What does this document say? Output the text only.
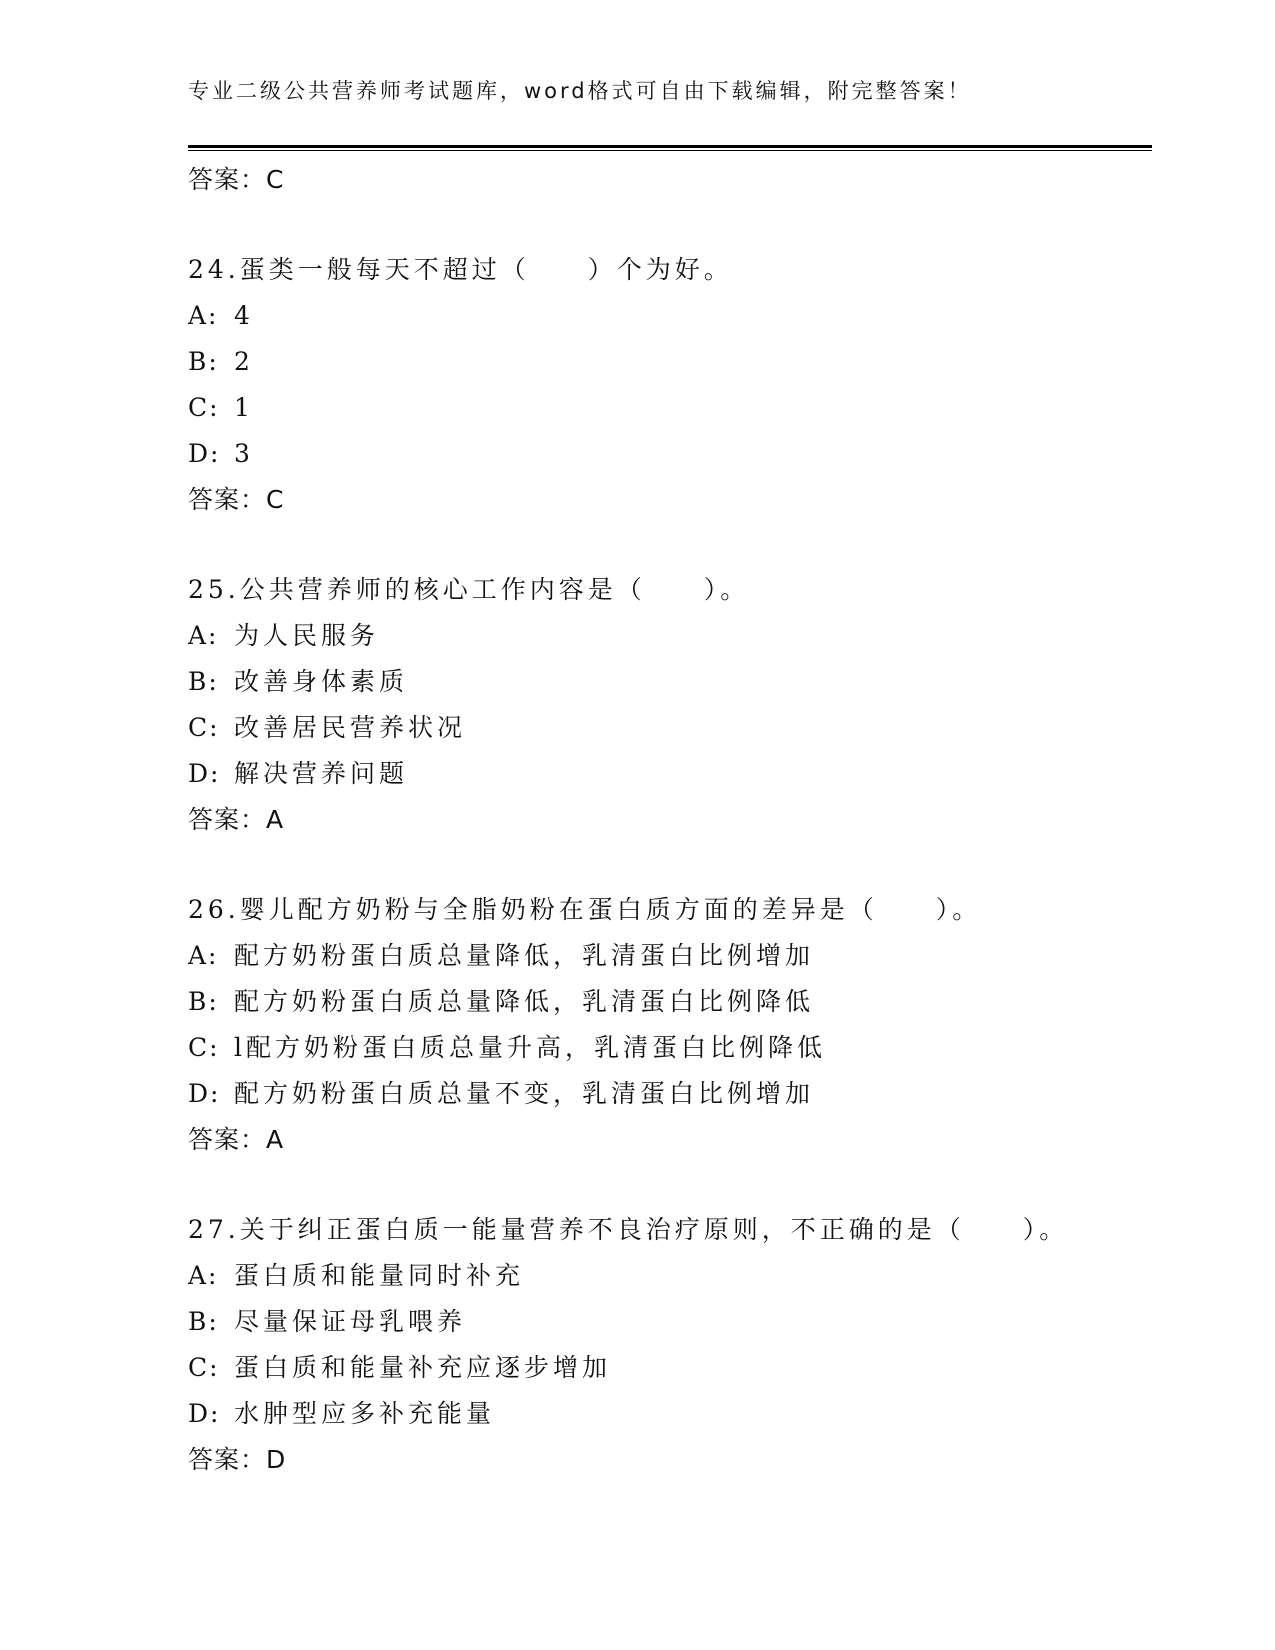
专业二级公共营养师考试题库，word格式可自由下载编辑，附完整答案！
答案：C
24.蛋类一般每天不超过（　　）个为好。
A: 4
B: 2
C: 1
D: 3
答案：C
25.公共营养师的核心工作内容是（　　）。
A: 为人民服务
B: 改善身体素质
C: 改善居民营养状况
D: 解决营养问题
答案：A
26.婴儿配方奶粉与全脂奶粉在蛋白质方面的差异是（　　）。
A: 配方奶粉蛋白质总量降低，乳清蛋白比例增加
B: 配方奶粉蛋白质总量降低，乳清蛋白比例降低
C: l配方奶粉蛋白质总量升高，乳清蛋白比例降低
D: 配方奶粉蛋白质总量不变，乳清蛋白比例增加
答案：A
27.关于纠正蛋白质一能量营养不良治疗原则，不正确的是（　　）。
A: 蛋白质和能量同时补充
B: 尽量保证母乳喂养
C: 蛋白质和能量补充应逐步增加
D: 水肿型应多补充能量
答案：D
